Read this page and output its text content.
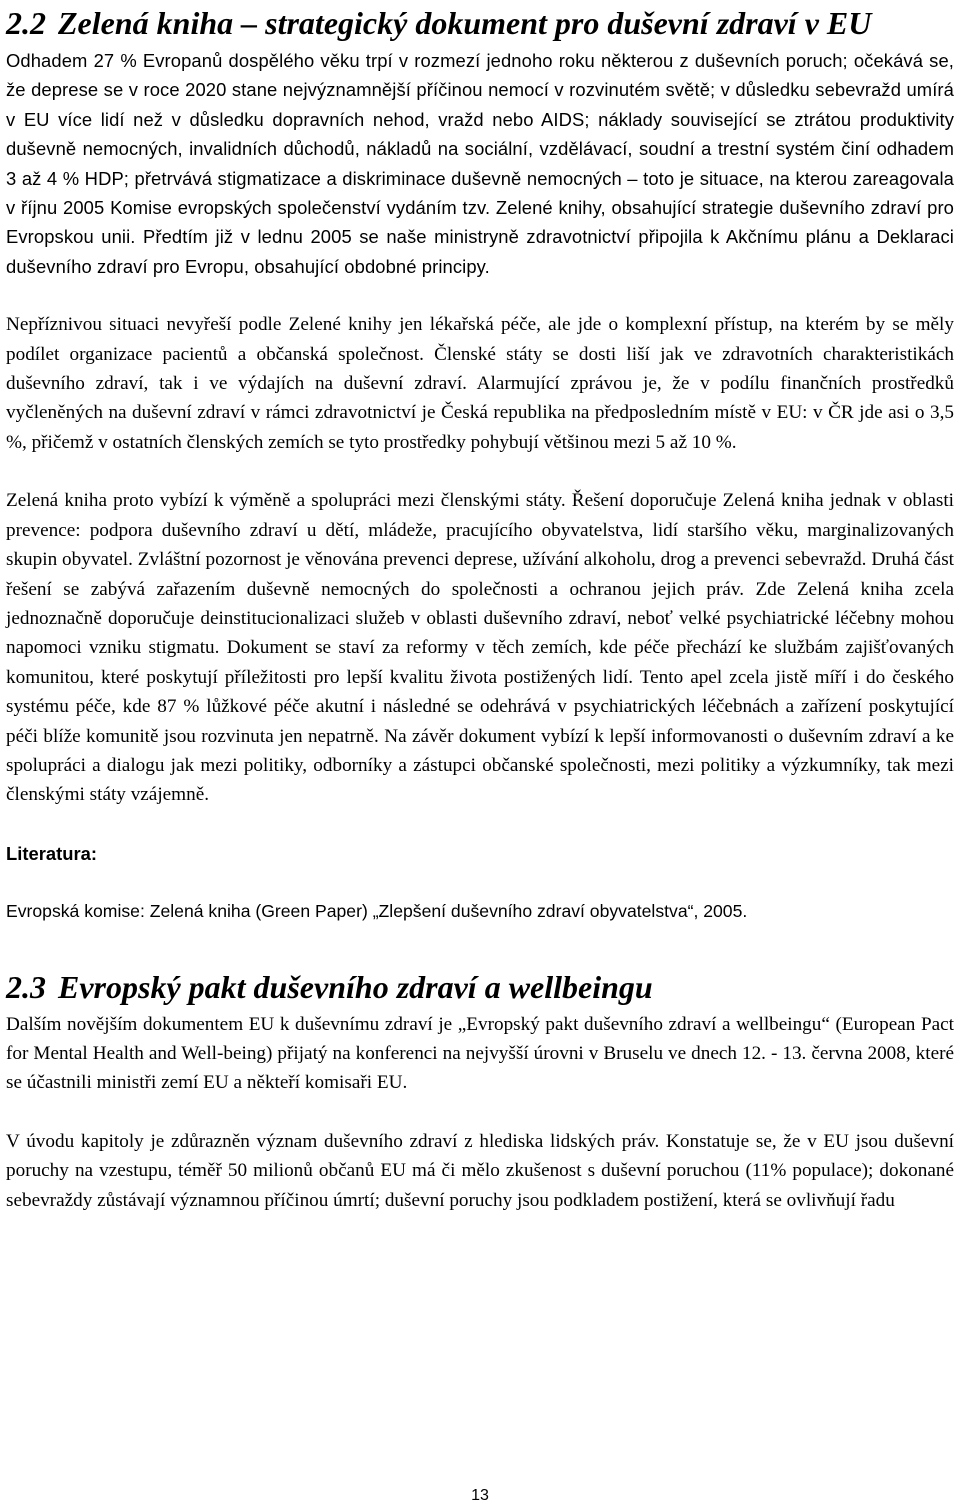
2.2 Zelená kniha – strategický dokument pro duševní zdraví v EU

Odhadem 27 % Evropanů dospělého věku trpí v rozmezí jednoho roku některou z duševních poruch; očekává se, že deprese se v roce 2020 stane nejvýznamnější příčinou nemocí v rozvinutém světě; v důsledku sebevražd umírá v EU více lidí než v důsledku dopravních nehod, vražd nebo AIDS; náklady související se ztrátou produktivity duševně nemocných, invalidních důchodů, nákladů na sociální, vzdělávací, soudní a trestní systém činí odhadem 3 až 4 % HDP; přetrvává stigmatizace a diskriminace duševně nemocných – toto je situace, na kterou zareagovala v říjnu 2005 Komise evropských společenství vydáním tzv. Zelené knihy, obsahující strategie duševního zdraví pro Evropskou unii. Předtím již v lednu 2005 se naše ministryně zdravotnictví připojila k Akčnímu plánu a Deklaraci duševního zdraví pro Evropu, obsahující obdobné principy.

Nepříznivou situaci nevyřeší podle Zelené knihy jen lékařská péče, ale jde o komplexní přístup, na kterém by se měly podílet organizace pacientů a občanská společnost. Členské státy se dosti liší jak ve zdravotních charakteristikách duševního zdraví, tak i ve výdajích na duševní zdraví. Alarmující zprávou je, že v podílu finančních prostředků vyčleněných na duševní zdraví v rámci zdravotnictví je Česká republika na předposledním místě v EU: v ČR jde asi o 3,5 %, přičemž v ostatních členských zemích se tyto prostředky pohybují většinou mezi 5 až 10 %.

Zelená kniha proto vybízí k výměně a spolupráci mezi členskými státy. Řešení doporučuje Zelená kniha jednak v oblasti prevence: podpora duševního zdraví u dětí, mládeže, pracujícího obyvatelstva, lidí staršího věku, marginalizovaných skupin obyvatel. Zvláštní pozornost je věnována prevenci deprese, užívání alkoholu, drog a prevenci sebevražd. Druhá část řešení se zabývá zařazením duševně nemocných do společnosti a ochranou jejich práv. Zde Zelená kniha zcela jednoznačně doporučuje deinstitucionalizaci služeb v oblasti duševního zdraví, neboť velké psychiatrické léčebny mohou napomoci vzniku stigmatu. Dokument se staví za reformy v těch zemích, kde péče přechází ke službám zajišťovaných komunitou, které poskytují příležitosti pro lepší kvalitu života postižených lidí. Tento apel zcela jistě míří i do českého systému péče, kde 87 % lůžkové péče akutní i následné se odehrává v psychiatrických léčebnách a zařízení poskytující péči blíže komunitě jsou rozvinuta jen nepatrně. Na závěr dokument vybízí k lepší informovanosti o duševním zdraví a ke spolupráci a dialogu jak mezi politiky, odborníky a zástupci občanské společnosti, mezi politiky a výzkumníky, tak mezi členskými státy vzájemně.

Literatura:
Evropská komise: Zelená kniha (Green Paper) „Zlepšení duševního zdraví obyvatelstva“, 2005.
2.3 Evropský pakt duševního zdraví a wellbeingu

Dalším novějším dokumentem EU k duševnímu zdraví je „Evropský pakt duševního zdraví a wellbeingu“ (European Pact for Mental Health and Well-being) přijatý na konferenci na nejvyšší úrovni v Bruselu ve dnech 12. - 13. června 2008, které se účastnili ministři zemí EU a někteří komisaři EU.

V úvodu kapitoly je zdůrazněn význam duševního zdraví z hlediska lidských práv. Konstatuje se, že v EU jsou duševní poruchy na vzestupu, téměř 50 milionů občanů EU má či mělo zkušenost s duševní poruchou (11% populace); dokonané sebevraždy zůstávají významnou příčinou úmrtí; duševní poruchy jsou podkladem postižení, která se ovlivňují řadu

13
